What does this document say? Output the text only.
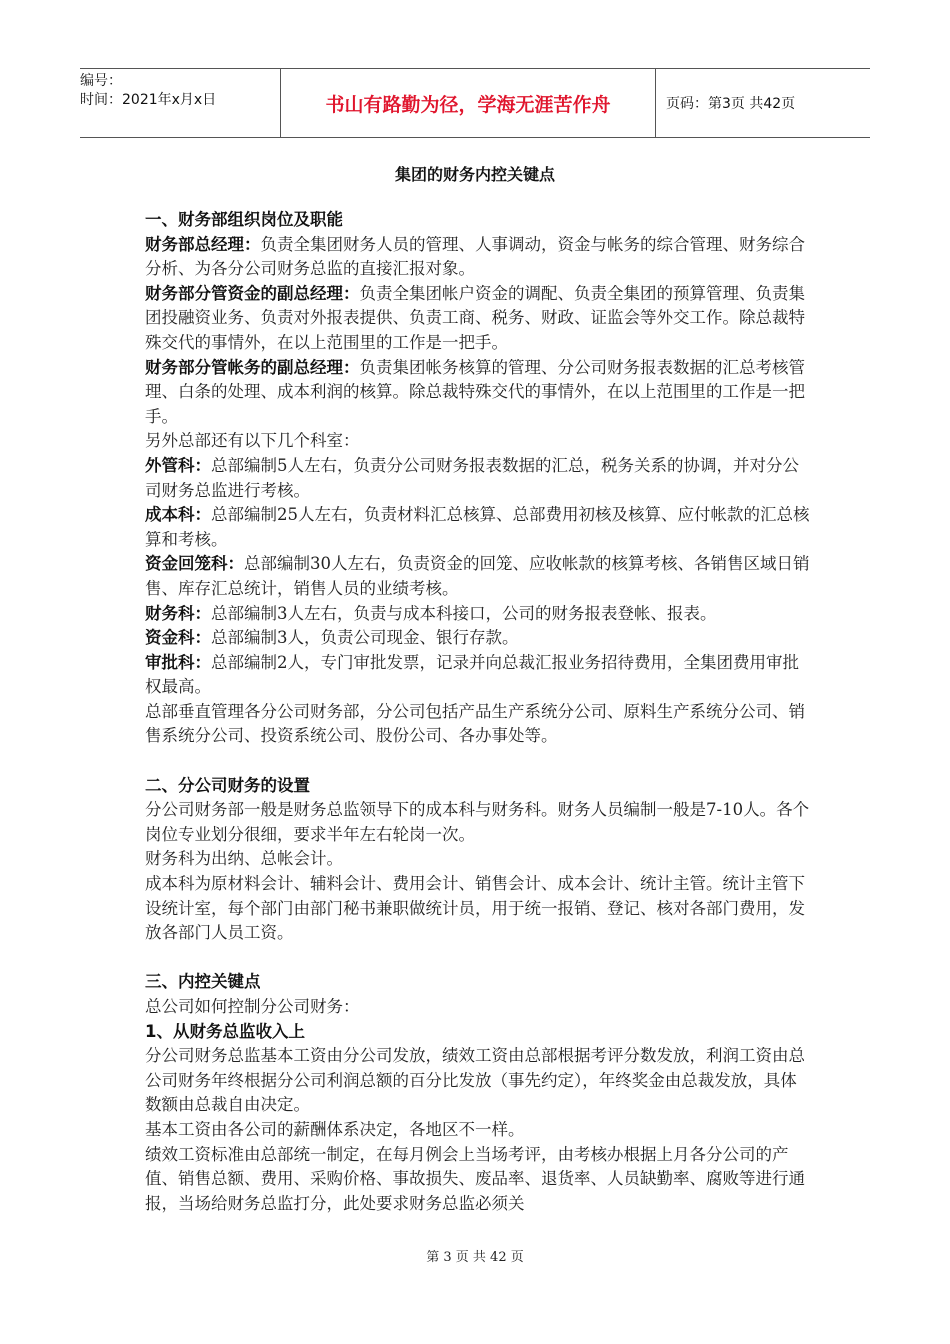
编号：
时间：2021年x月x日	书山有路勤为径，学海无涯苦作舟	页码：第3页 共42页
集团的财务内控关键点

一、财务部组织岗位及职能

财务部总经理：负责全集团财务人员的管理、人事调动，资金与帐务的综合管理、财务综合分析、为各分公司财务总监的直接汇报对象。

财务部分管资金的副总经理：负责全集团帐户资金的调配、负责全集团的预算管理、负责集团投融资业务、负责对外报表提供、负责工商、税务、财政、证监会等外交工作。除总裁特殊交代的事情外，在以上范围里的工作是一把手。

财务部分管帐务的副总经理：负责集团帐务核算的管理、分公司财务报表数据的汇总考核管理、白条的处理、成本利润的核算。除总裁特殊交代的事情外，在以上范围里的工作是一把手。

另外总部还有以下几个科室：

外管科：总部编制5人左右，负责分公司财务报表数据的汇总，税务关系的协调，并对分公司财务总监进行考核。

成本科：总部编制25人左右，负责材料汇总核算、总部费用初核及核算、应付帐款的汇总核算和考核。

资金回笼科：总部编制30人左右，负责资金的回笼、应收帐款的核算考核、各销售区域日销售、库存汇总统计，销售人员的业绩考核。

财务科：总部编制3人左右，负责与成本科接口，公司的财务报表登帐、报表。

资金科：总部编制3人，负责公司现金、银行存款。

审批科：总部编制2人，专门审批发票，记录并向总裁汇报业务招待费用，全集团费用审批权最高。

总部垂直管理各分公司财务部，分公司包括产品生产系统分公司、原料生产系统分公司、销售系统分公司、投资系统公司、股份公司、各办事处等。

二、分公司财务的设置

分公司财务部一般是财务总监领导下的成本科与财务科。财务人员编制一般是7-10人。各个岗位专业划分很细，要求半年左右轮岗一次。

财务科为出纳、总帐会计。

成本科为原材料会计、辅料会计、费用会计、销售会计、成本会计、统计主管。统计主管下设统计室，每个部门由部门秘书兼职做统计员，用于统一报销、登记、核对各部门费用，发放各部门人员工资。

三、内控关键点

总公司如何控制分公司财务：

1、从财务总监收入上

分公司财务总监基本工资由分公司发放，绩效工资由总部根据考评分数发放，利润工资由总公司财务年终根据分公司利润总额的百分比发放（事先约定），年终奖金由总裁发放，具体数额由总裁自由决定。

基本工资由各公司的薪酬体系决定，各地区不一样。

绩效工资标准由总部统一制定，在每月例会上当场考评，由考核办根据上月各分公司的产值、销售总额、费用、采购价格、事故损失、废品率、退货率、人员缺勤率、腐败等进行通报，当场给财务总监打分，此处要求财务总监必须关

第 3 页 共 42 页
